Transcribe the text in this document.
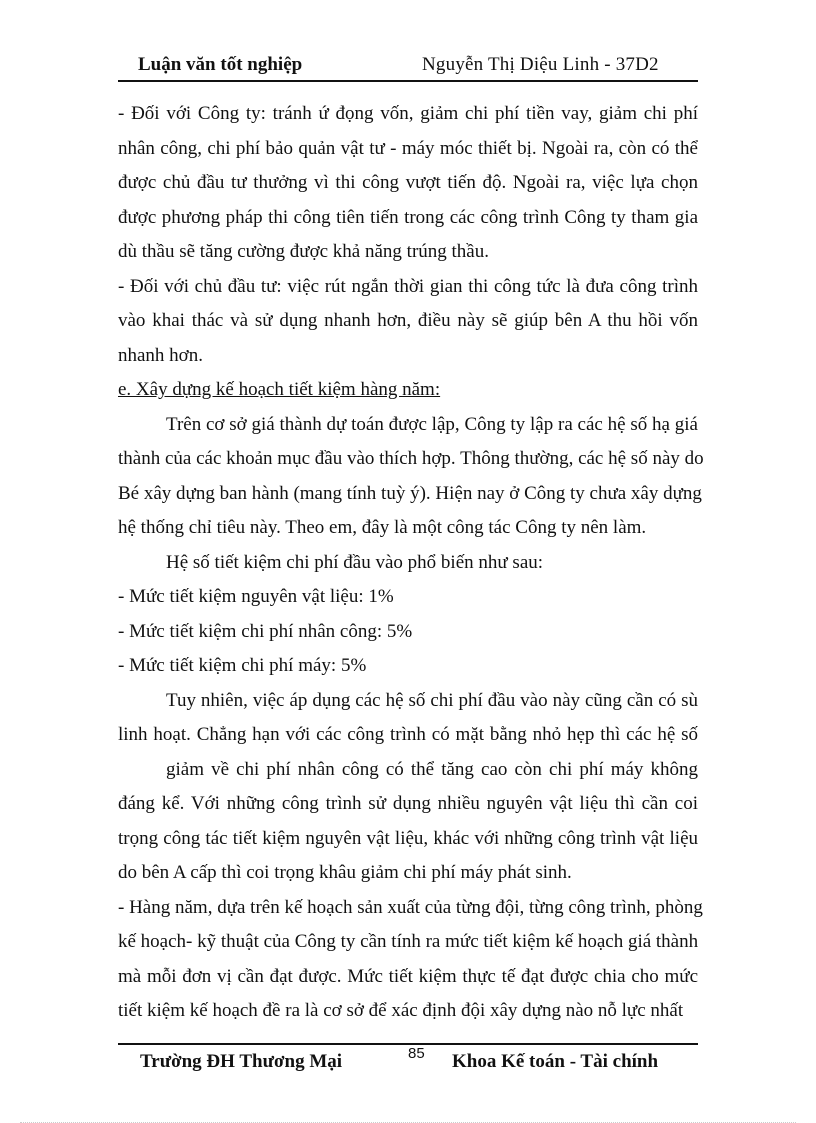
Luận văn tốt nghiệp	Nguyễn Thị Diệu Linh - 37D2
- Đối với Công ty: tránh ứ đọng vốn, giảm chi phí tiền vay, giảm chi phí
nhân công, chi phí bảo quản vật tư - máy móc thiết bị. Ngoài ra, còn có thể
được chủ đầu tư thưởng vì thi công vượt tiến độ. Ngoài ra, việc lựa chọn
được phương pháp thi công tiên tiến trong các công trình Công ty tham gia
dù thầu sẽ tăng cường được khả năng trúng thầu.
- Đối với chủ đầu tư: việc rút ngắn thời gian thi công tức là đưa công trình
vào khai thác và sử dụng nhanh hơn, điều này sẽ giúp bên A thu hồi vốn
nhanh hơn.
e. Xây dựng kế hoạch tiết kiệm hàng năm:
Trên cơ sở giá thành dự toán được lập, Công ty lập ra các hệ số hạ giá
thành của các khoản mục đầu vào thích hợp. Thông thường, các hệ số này do
Bé xây dựng ban hành (mang tính tuỳ ý). Hiện nay ở Công ty chưa xây dựng
hệ thống chỉ tiêu này. Theo em, đây là một công tác Công ty nên làm.
Hệ số tiết kiệm chi phí đầu vào phổ biến như sau:
- Mức tiết kiệm nguyên vật liệu: 1%
- Mức tiết kiệm chi phí nhân công: 5%
- Mức tiết kiệm chi phí máy: 5%
Tuy nhiên, việc áp dụng các hệ số chi phí đầu vào này cũng cần có sù
linh hoạt. Chẳng hạn với các công trình có mặt bằng nhỏ hẹp thì các hệ số
giảm về chi phí nhân công có thể tăng cao còn chi phí máy không
đáng kể. Với những công trình sử dụng nhiều nguyên vật liệu thì cần coi
trọng công tác tiết kiệm nguyên vật liệu, khác với những công trình vật liệu
do bên A cấp thì coi trọng khâu giảm chi phí máy phát sinh.
- Hàng năm, dựa trên kế hoạch sản xuất của từng đội, từng công trình, phòng
kế hoạch- kỹ thuật của Công ty cần tính ra mức tiết kiệm kế hoạch giá thành
mà mỗi đơn vị cần đạt được. Mức tiết kiệm thực tế đạt được chia cho mức
tiết kiệm kế hoạch đề ra là cơ sở để xác định đội xây dựng nào nỗ lực nhất
Trường ĐH Thương Mại	85 Khoa Kế toán - Tài chính
